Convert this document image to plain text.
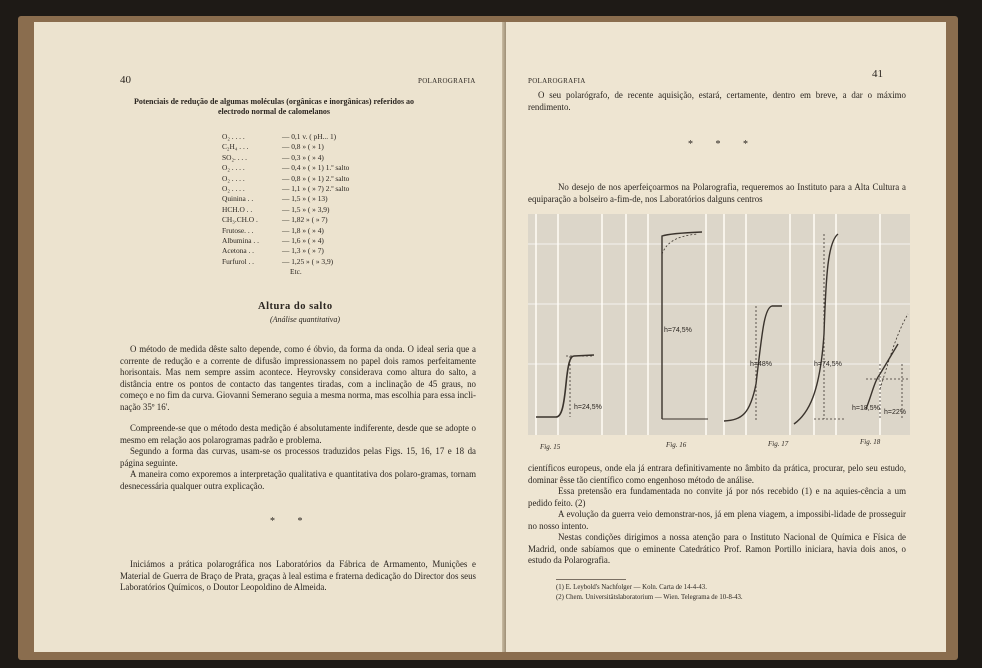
40	POLAROGRAFIA
Potenciais de redução de algumas moléculas (orgânicas e inorgânicas) referidos ao electrodo normal de calomelanos
O₂ . . . .	— 0,1 v. ( pH... 1)
C₂H₄ . . .	— 0,8 » ( » 1)
SO₂. . . .	— 0,3 » ( » 4)
O₂ . . . .	— 0,4 » ( » 1) 1.º salto
O₂ . . . .	— 0,8 » ( » 1) 2.º salto
O₂ . . . .	— 1,1 » ( » 7) 2.º salto
Quinina . .	— 1,5 » ( » 13)
HCH.O . .	— 1,5 » ( » 3,9)
CH₃.CH.O .	— 1,82 » ( » 7)
Frutose. . .	— 1,8 » ( » 4)
Albumina . .	— 1,6 » ( » 4)
Acetona . .	— 1,3 » ( » 7)
Furfurol . .	— 1,25 » ( » 3,9)
Etc.
Altura do salto
(Análise quantitativa)
O método de medida dêste salto depende, como é óbvio, da forma da onda. O ideal seria que a corrente de redução e a corrente de difusão impressionassem no papel dois ramos perfeitamente horisontais. Mas nem sempre assim acontece. Heyrovsky considerava como altura do salto, a distância entre os pontos de contacto das tangentes tiradas, com a inclinação de 45 graus, no começo e no fim da curva. Giovanni Semerano seguia a mesma norma, mas escolhia para essa incli-nação 35º 16'.
Compreende-se que o método desta medição é absolutamente indiferente, desde que se adopte o mesmo em relação aos polarogramas padrão e problema.
Segundo a forma das curvas, usam-se os processos traduzidos pelas Figs. 15, 16, 17 e 18 da página seguinte.
A maneira como exporemos a interpretação qualitativa e quantitativa dos polaro-gramas, tornam desnecessária qualquer outra explicação.
* *
Iniciámos a prática polarográfica nos Laboratórios da Fábrica de Armamento, Munições e Material de Guerra de Braço de Prata, graças à leal estima e fraterna dedicação do Director dos seus Laboratórios Químicos, o Doutor Leopoldino de Almeida.
POLAROGRAFIA
41
O seu polarógrafo, de recente aquisição, estará, certamente, dentro em breve, a dar o máximo rendimento.
* * *
No desejo de nos aperfeiçoarmos na Polarografia, requeremos ao Instituto para a Alta Cultura a equiparação a bolseiro a-fim-de, nos Laboratórios dalguns centros
h=24,5%
h=74,5%
h=48%	h=74,5%
h=18,5%
h=22%
Fig. 15	Fig. 16	Fig. 17	Fig. 18
científicos europeus, onde ela já entrara definitivamente no âmbito da prática, procurar, pelo seu estudo, dominar êsse tão científico como engenhoso método de análise.
Essa pretensão era fundamentada no convite já por nós recebido (1) e na aquies-cência a um pedido feito. (2)
A evolução da guerra veio demonstrar-nos, já em plena viagem, a impossibi-lidade de prosseguir no nosso intento.
Nestas condições dirigimos a nossa atenção para o Instituto Nacional de Química e Física de Madrid, onde sabíamos que o eminente Catedrático Prof. Ramon Portillo iniciara, havia dois anos, o estudo da Polarografia.
(1) E. Leybold's Nachfolger — Koln. Carta de 14-4-43.
(2) Chem. Universitätslaboratorium — Wien. Telegrama de 10-8-43.
